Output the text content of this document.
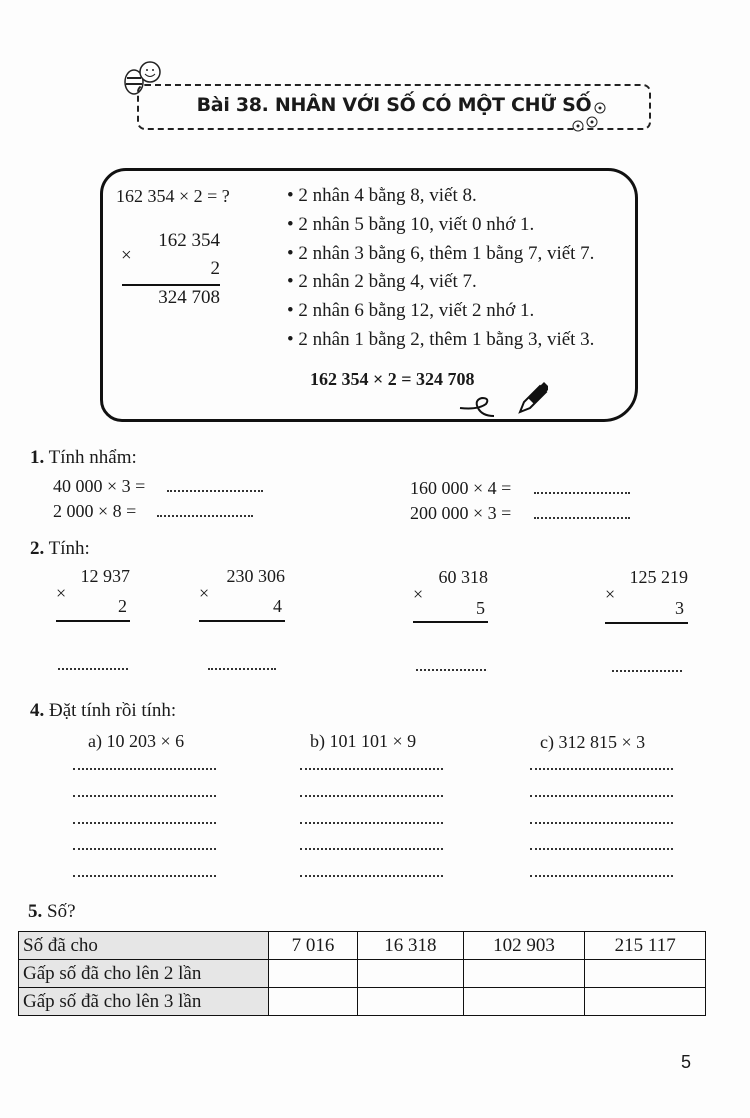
Bài 38. NHÂN VỚI SỐ CÓ MỘT CHỮ SỐ
162 354 × 2 = ?
162 354
×
2
324 708
• 2 nhân 4 bằng 8, viết 8.
• 2 nhân 5 bằng 10, viết 0 nhớ 1.
• 2 nhân 3 bằng 6, thêm 1 bằng 7, viết 7.
• 2 nhân 2 bằng 4, viết 7.
• 2 nhân 6 bằng 12, viết 2 nhớ 1.
• 2 nhân 1 bằng 2, thêm 1 bằng 3, viết 3.
162 354 × 2 = 324 708
1. Tính nhẩm:
40 000 × 3 =
2 000 × 8 =
160 000 × 4 =
200 000 × 3 =
2. Tính:
12 937
×
2
230 306
×
4
60 318
×
5
125 219
×
3
4. Đặt tính rồi tính:
a) 10 203 × 6	b) 101 101 × 9	c) 312 815 × 3
5. Số?
Số đã cho	7 016	16 318	102 903	215 117
Gấp số đã cho lên 2 lần				
Gấp số đã cho lên 3 lần				
5
